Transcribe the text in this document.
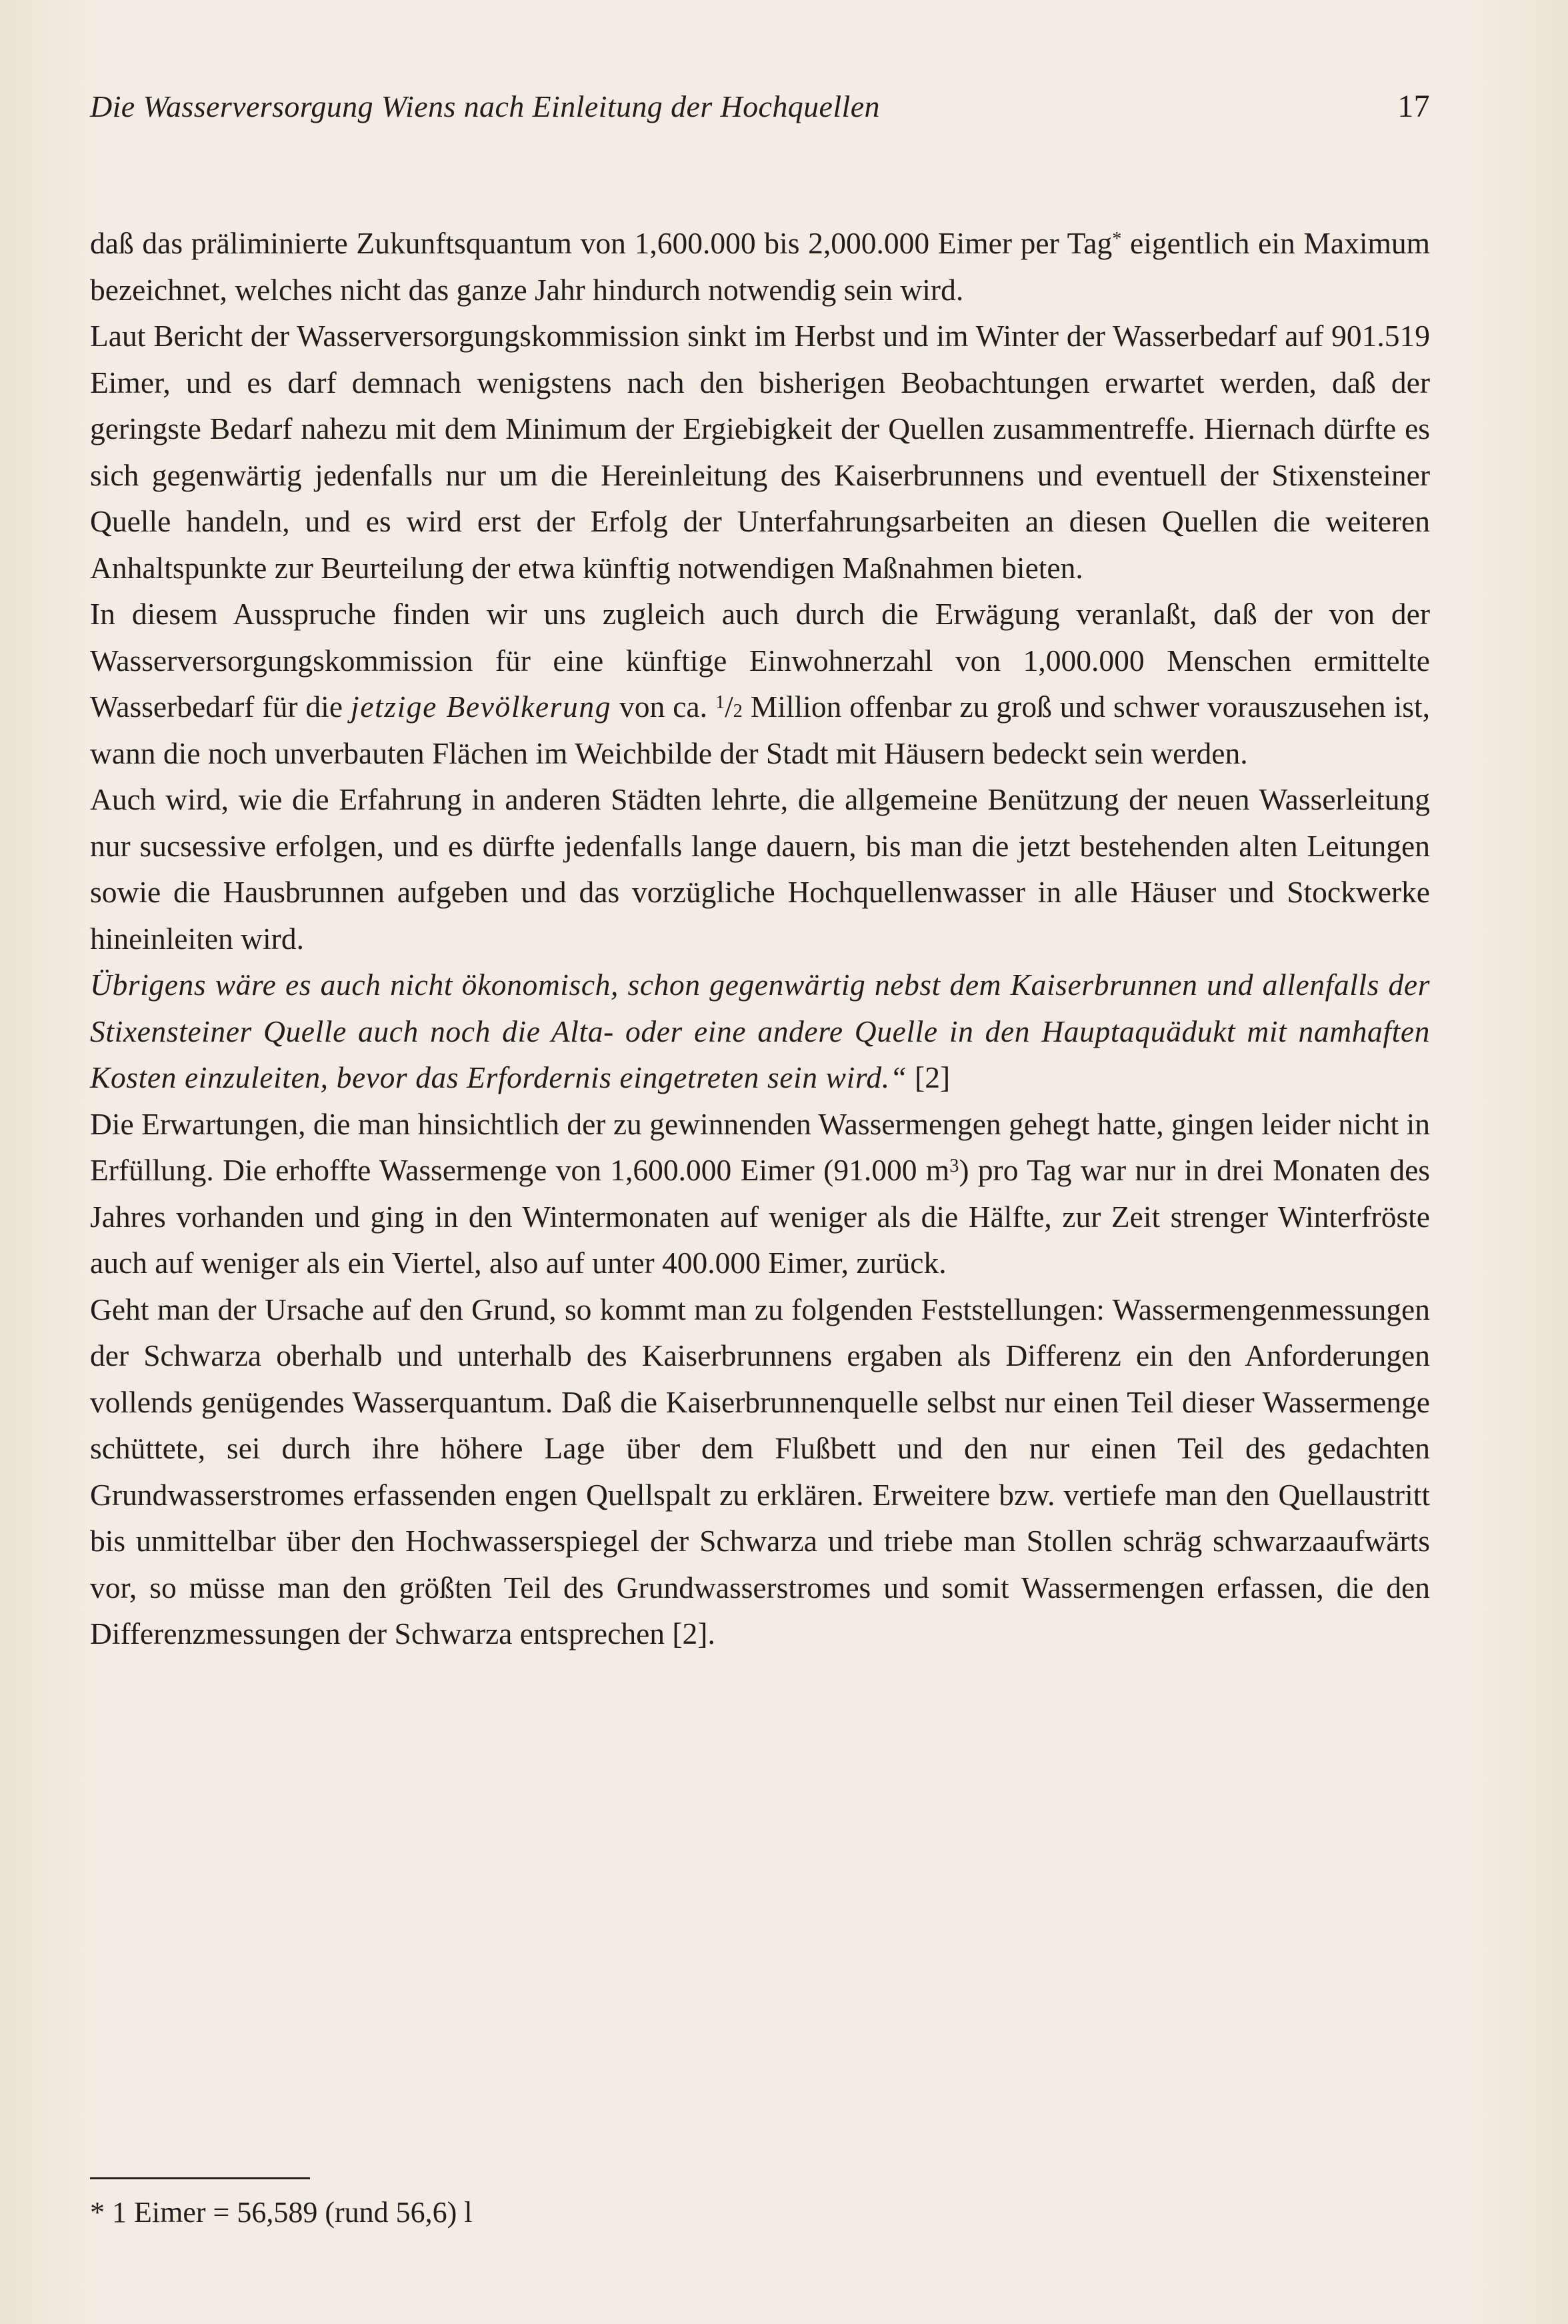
Die Wasserversorgung Wiens nach Einleitung der Hochquellen	17

daß das präliminierte Zukunftsquantum von 1,600.000 bis 2,000.000 Eimer per Tag* eigentlich ein Maximum bezeichnet, welches nicht das ganze Jahr hindurch notwendig sein wird.

Laut Bericht der Wasserversorgungskommission sinkt im Herbst und im Winter der Wasserbedarf auf 901.519 Eimer, und es darf demnach wenigstens nach den bisherigen Beobachtungen erwartet werden, daß der geringste Bedarf nahezu mit dem Minimum der Ergiebigkeit der Quellen zusammentreffe. Hiernach dürfte es sich gegenwärtig jedenfalls nur um die Hereinleitung des Kaiserbrunnens und eventuell der Stixensteiner Quelle handeln, und es wird erst der Erfolg der Unterfahrungsarbeiten an diesen Quellen die weiteren Anhaltspunkte zur Beurteilung der etwa künftig notwendigen Maßnahmen bieten.

In diesem Ausspruche finden wir uns zugleich auch durch die Erwägung veranlaßt, daß der von der Wasserversorgungskommission für eine künftige Einwohnerzahl von 1,000.000 Menschen ermittelte Wasserbedarf für die jetzige Bevölkerung von ca. $^1$/2 Million offenbar zu groß und schwer vorauszusehen ist, wann die noch unverbauten Flächen im Weichbilde der Stadt mit Häusern bedeckt sein werden.

Auch wird, wie die Erfahrung in anderen Städten lehrte, die allgemeine Benützung der neuen Wasserleitung nur sucsessive erfolgen, und es dürfte jedenfalls lange dauern, bis man die jetzt bestehenden alten Leitungen sowie die Hausbrunnen aufgeben und das vorzügliche Hochquellenwasser in alle Häuser und Stockwerke hineinleiten wird.

Übrigens wäre es auch nicht ökonomisch, schon gegenwärtig nebst dem Kaiserbrunnen und allenfalls der Stixensteiner Quelle auch noch die Alta- oder eine andere Quelle in den Hauptaquädukt mit namhaften Kosten einzuleiten, bevor das Erfordernis eingetreten sein wird.“ [2]

Die Erwartungen, die man hinsichtlich der zu gewinnenden Wassermengen gehegt hatte, gingen leider nicht in Erfüllung. Die erhoffte Wassermenge von 1,600.000 Eimer (91.000 $m^3$) pro Tag war nur in drei Monaten des Jahres vorhanden und ging in den Wintermonaten auf weniger als die Hälfte, zur Zeit strenger Winterfröste auch auf weniger als ein Viertel, also auf unter 400.000 Eimer, zurück.

Geht man der Ursache auf den Grund, so kommt man zu folgenden Feststellungen: Wassermengenmessungen der Schwarza oberhalb und unterhalb des Kaiserbrunnens ergaben als Differenz ein den Anforderungen vollends genügendes Wasserquantum. Daß die Kaiserbrunnenquelle selbst nur einen Teil dieser Wassermenge schüttete, sei durch ihre höhere Lage über dem Flußbett und den nur einen Teil des gedachten Grundwasserstromes erfassenden engen Quellspalt zu erklären. Erweitere bzw. vertiefe man den Quellaustritt bis unmittelbar über den Hochwasserspiegel der Schwarza und triebe man Stollen schräg schwarzaaufwärts vor, so müsse man den größten Teil des Grundwasserstromes und somit Wassermengen erfassen, die den Differenzmessungen der Schwarza entsprechen [2].

* 1 Eimer = 56,589 (rund 56,6) l
